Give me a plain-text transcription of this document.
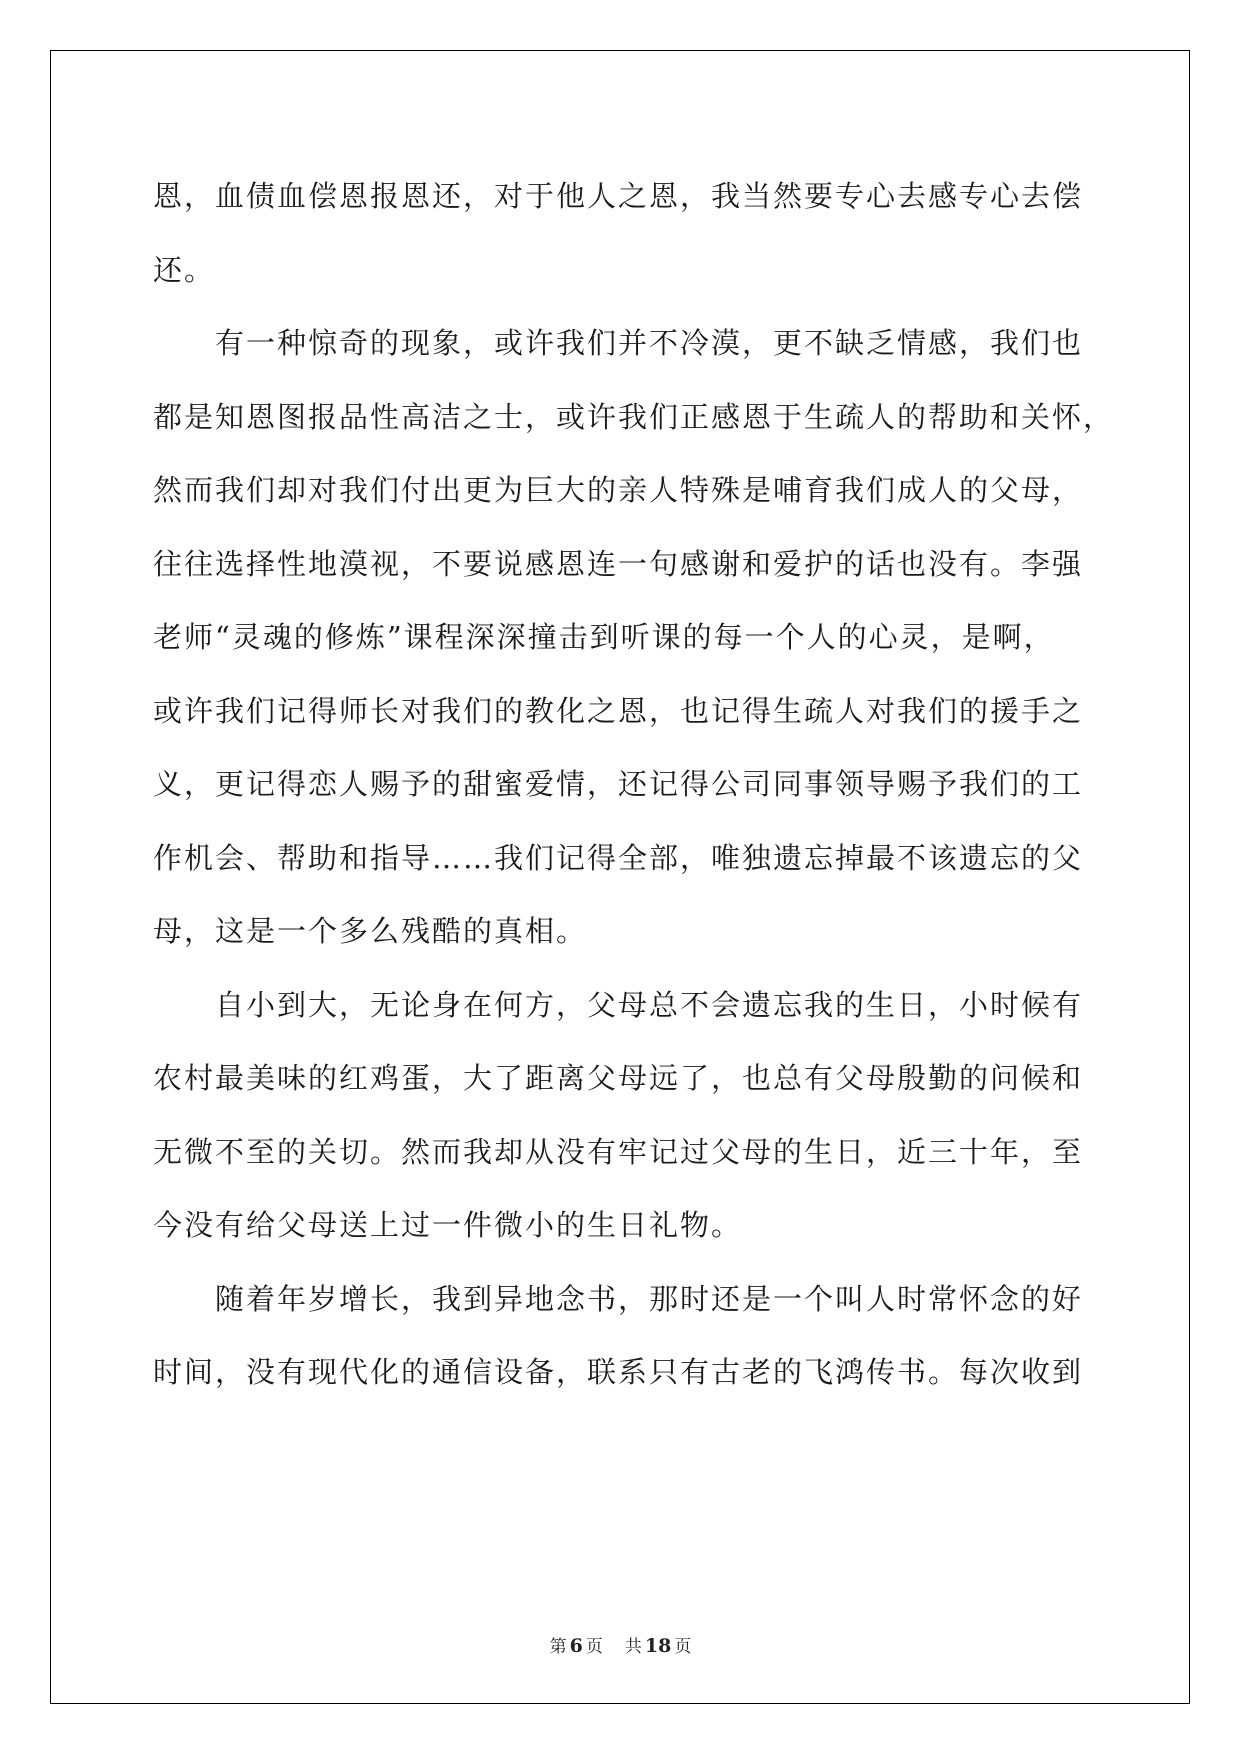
恩，血债血偿恩报恩还，对于他人之恩，我当然要专心去感专心去偿
还。
　　有一种惊奇的现象，或许我们并不冷漠，更不缺乏情感，我们也
都是知恩图报品性高洁之士，或许我们正感恩于生疏人的帮助和关怀，
然而我们却对我们付出更为巨大的亲人特殊是哺育我们成人的父母，
往往选择性地漠视，不要说感恩连一句感谢和爱护的话也没有。李强
老师“灵魂的修炼”课程深深撞击到听课的每一个人的心灵，是啊，
或许我们记得师长对我们的教化之恩，也记得生疏人对我们的援手之
义，更记得恋人赐予的甜蜜爱情，还记得公司同事领导赐予我们的工
作机会、帮助和指导……我们记得全部，唯独遗忘掉最不该遗忘的父
母，这是一个多么残酷的真相。
　　自小到大，无论身在何方，父母总不会遗忘我的生日，小时候有
农村最美味的红鸡蛋，大了距离父母远了，也总有父母殷勤的问候和
无微不至的关切。然而我却从没有牢记过父母的生日，近三十年，至
今没有给父母送上过一件微小的生日礼物。
　　随着年岁增长，我到异地念书，那时还是一个叫人时常怀念的好
时间，没有现代化的通信设备，联系只有古老的飞鸿传书。每次收到
第 6 页 共 18 页
